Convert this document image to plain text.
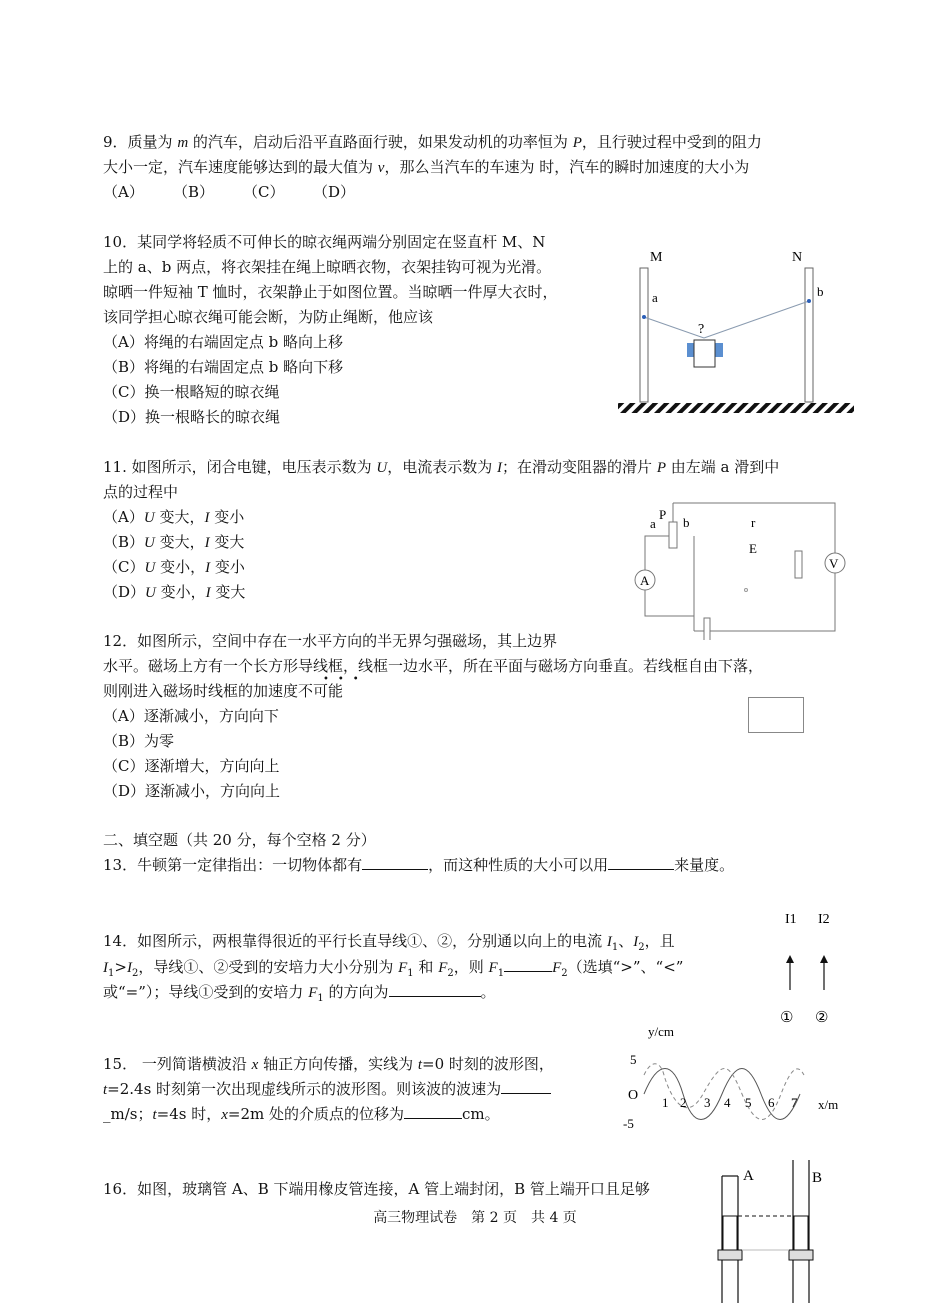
9．质量为 m 的汽车，启动后沿平直路面行驶，如果发动机的功率恒为 P，且行驶过程中受到的阻力
大小一定，汽车速度能够达到的最大值为 v，那么当汽车的车速为 时，汽车的瞬时加速度的大小为
（A） （B） （C） （D）
10．某同学将轻质不可伸长的晾衣绳两端分别固定在竖直杆 M、N
上的 a、b 两点，将衣架挂在绳上晾晒衣物，衣架挂钩可视为光滑。
晾晒一件短袖 T 恤时，衣架静止于如图位置。当晾晒一件厚大衣时，
该同学担心晾衣绳可能会断，为防止绳断，他应该
（A）将绳的右端固定点 b 略向上移
（B）将绳的右端固定点 b 略向下移
（C）换一根略短的晾衣绳
（D）换一根略长的晾衣绳
M	N
a	b
?
11. 如图所示，闭合电键，电压表示数为 U，电流表示数为 I；在滑动变阻器的滑片 P 由左端 a 滑到中
点的过程中
（A）U 变大，I 变小
（B）U 变大，I 变大
（C）U 变小，I 变小
（D）U 变小，I 变大
P
a b	r
E
A
V
12．如图所示，空间中存在一水平方向的半无界匀强磁场，其上边界
水平。磁场上方有一个长方形导线框，线框一边水平，所在平面与磁场方向垂直。若线框自由下落，
则刚进入磁场时线框的加速度不可能
•••
（A）逐渐减小，方向向下
（B）为零
（C）逐渐增大，方向向上
（D）逐渐减小，方向向上
二、填空题（共 20 分，每个空格 2 分）
13．牛顿第一定律指出：一切物体都有	，而这种性质的大小可以用	来量度。
14．如图所示，两根靠得很近的平行长直导线①、②，分别通以向上的电流 $I_1$、$I_2$，且
$I_1>I_2$，导线①、②受到的安培力大小分别为 $F_1$ 和 $F_2$，则 $F_1$	$F_2$（选填“>”、“<”
或“=”）；导线①受到的安培力 $F_1$ 的方向为	。
I1 I2
① ②
15． 一列简谐横波沿 x 轴正方向传播，实线为 t=0 时刻的波形图，
t=2.4s 时刻第一次出现虚线所示的波形图。则该波的波速为
_m/s；t=4s 时，x=2m 处的介质点的位移为	cm。
y/cm
5
O
-5
1 2 3 4 5 6 7 x/m
16．如图，玻璃管 A、B 下端用橡皮管连接，A 管上端封闭，B 管上端开口且足够
A	B
高三物理试卷　第 2 页　共 4 页
